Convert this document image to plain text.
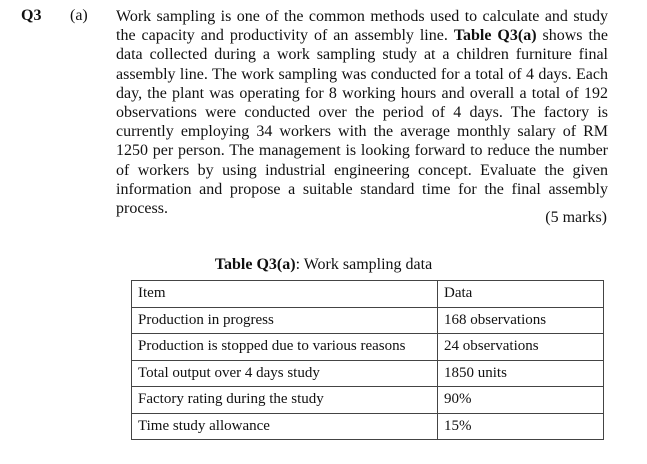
Q3 (a) Work sampling is one of the common methods used to calculate and study the capacity and productivity of an assembly line. Table Q3(a) shows the data collected during a work sampling study at a children furniture final assembly line. The work sampling was conducted for a total of 4 days. Each day, the plant was operating for 8 working hours and overall a total of 192 observations were conducted over the period of 4 days. The factory is currently employing 34 workers with the average monthly salary of RM 1250 per person. The management is looking forward to reduce the number of workers by using industrial engineering concept. Evaluate the given information and propose a suitable standard time for the final assembly process.

(5 marks)
Table Q3(a): Work sampling data
Item	Data
Production in progress	168 observations
Production is stopped due to various reasons	24 observations
Total output over 4 days study	1850 units
Factory rating during the study	90%
Time study allowance	15%
